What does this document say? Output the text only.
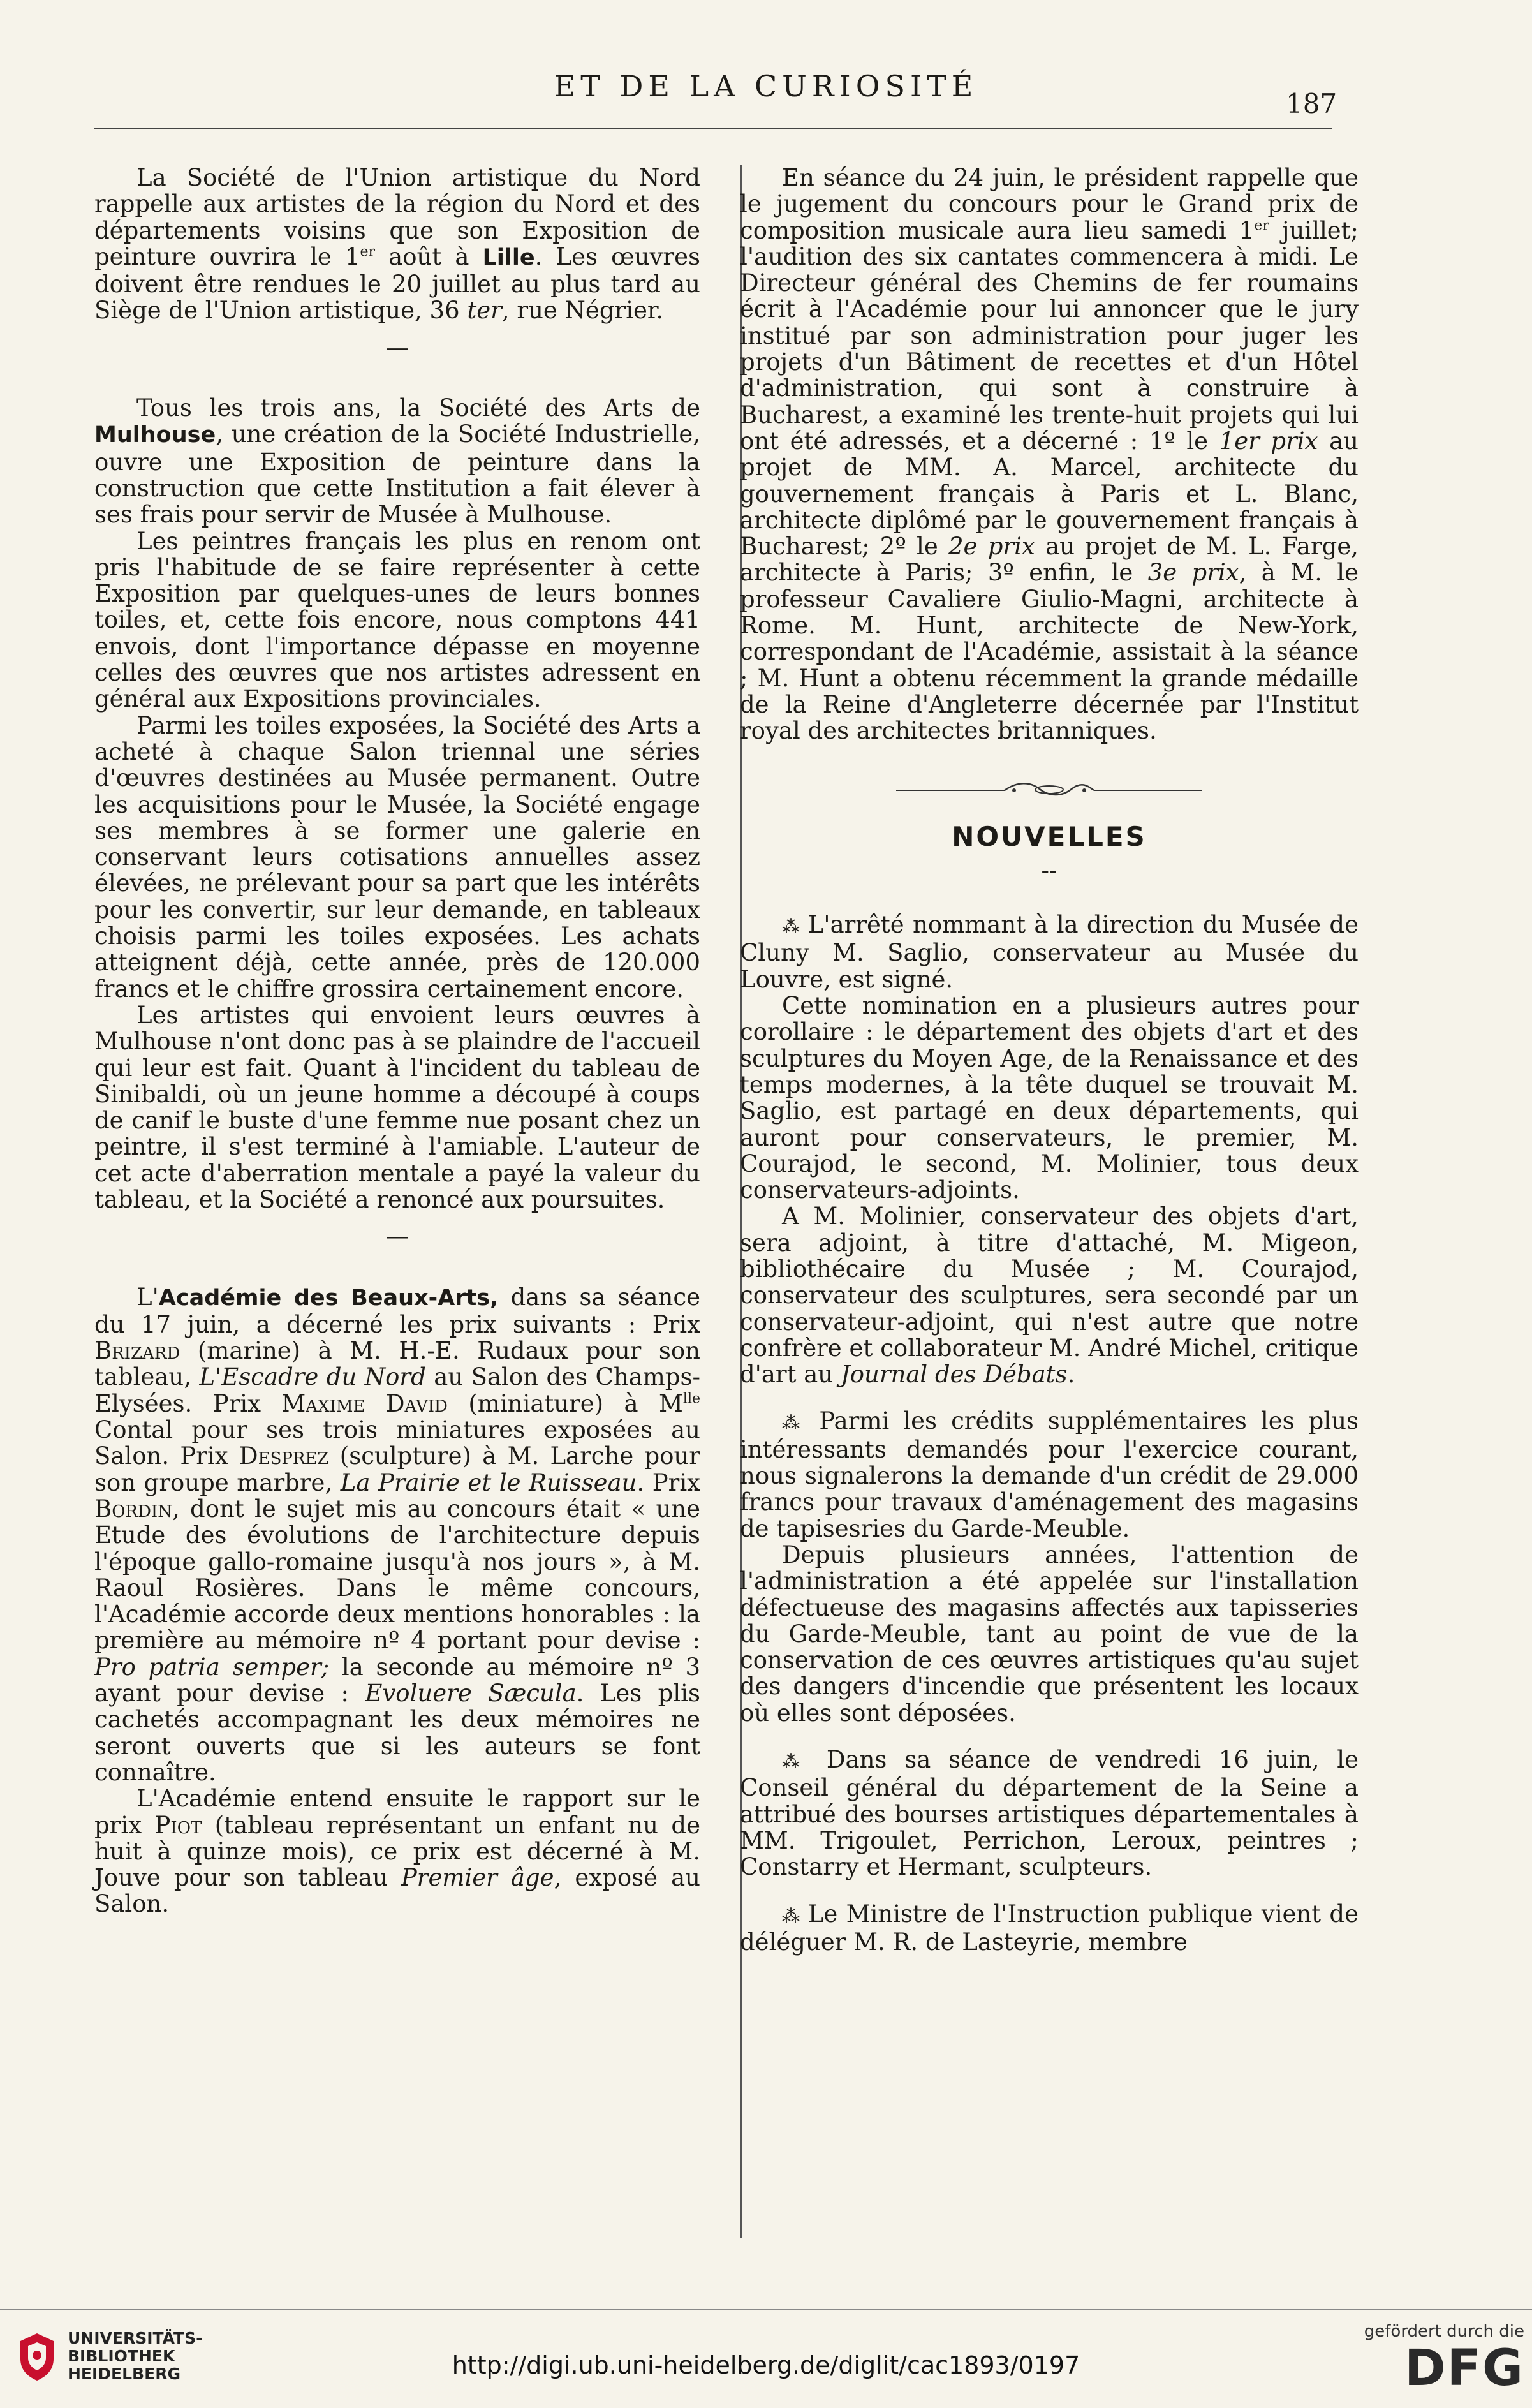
ET DE LA CURIOSITÉ
187

La Société de l'Union artistique du Nord rappelle aux artistes de la région du Nord et des départements voisins que son Exposition de peinture ouvrira le 1er août à Lille. Les œuvres doivent être rendues le 20 juillet au plus tard au Siège de l'Union artistique, 36 ter, rue Négrier.

—

Tous les trois ans, la Société des Arts de Mulhouse, une création de la Société Industrielle, ouvre une Exposition de peinture dans la construction que cette Institution a fait élever à ses frais pour servir de Musée à Mulhouse.

Les peintres français les plus en renom ont pris l'habitude de se faire représenter à cette Exposition par quelques-unes de leurs bonnes toiles, et, cette fois encore, nous comptons 441 envois, dont l'importance dépasse en moyenne celles des œuvres que nos artistes adressent en général aux Expositions provinciales.

Parmi les toiles exposées, la Société des Arts a acheté à chaque Salon triennal une séries d'œuvres destinées au Musée permanent. Outre les acquisitions pour le Musée, la Société engage ses membres à se former une galerie en conservant leurs cotisations annuelles assez élevées, ne prélevant pour sa part que les intérêts pour les convertir, sur leur demande, en tableaux choisis parmi les toiles exposées. Les achats atteignent déjà, cette année, près de 120.000 francs et le chiffre grossira certainement encore.

Les artistes qui envoient leurs œuvres à Mulhouse n'ont donc pas à se plaindre de l'accueil qui leur est fait. Quant à l'incident du tableau de Sinibaldi, où un jeune homme a découpé à coups de canif le buste d'une femme nue posant chez un peintre, il s'est terminé à l'amiable. L'auteur de cet acte d'aberration mentale a payé la valeur du tableau, et la Société a renoncé aux poursuites.

—

L'Académie des Beaux-Arts, dans sa séance du 17 juin, a décerné les prix suivants : Prix Brizard (marine) à M. H.-E. Rudaux pour son tableau, L'Escadre du Nord au Salon des Champs-Elysées. Prix Maxime David (miniature) à $M^{lle}$ Contal pour ses trois miniatures exposées au Salon. Prix Desprez (sculpture) à M. Larche pour son groupe marbre, La Prairie et le Ruisseau. Prix Bordin, dont le sujet mis au concours était « une Etude des évolutions de l'architecture depuis l'époque gallo-romaine jusqu'à nos jours », à M. Raoul Rosières. Dans le même concours, l'Académie accorde deux mentions honorables : la première au mémoire nº 4 portant pour devise : Pro patria semper; la seconde au mémoire nº 3 ayant pour devise : Evoluere Sæcula. Les plis cachetés accompagnant les deux mémoires ne seront ouverts que si les auteurs se font connaître.

L'Académie entend ensuite le rapport sur le prix Piot (tableau représentant un enfant nu de huit à quinze mois), ce prix est décerné à M. Jouve pour son tableau Premier âge, exposé au Salon.

En séance du 24 juin, le président rappelle que le jugement du concours pour le Grand prix de composition musicale aura lieu samedi 1er juillet; l'audition des six cantates commencera à midi. Le Directeur général des Chemins de fer roumains écrit à l'Académie pour lui annoncer que le jury institué par son administration pour juger les projets d'un Bâtiment de recettes et d'un Hôtel d'administration, qui sont à construire à Bucharest, a examiné les trente-huit projets qui lui ont été adressés, et a décerné : 1º le 1er prix au projet de MM. A. Marcel, architecte du gouvernement français à Paris et L. Blanc, architecte diplômé par le gouvernement français à Bucharest; 2º le 2e prix au projet de M. L. Farge, architecte à Paris; 3º enfin, le 3e prix, à M. le professeur Cavaliere Giulio-Magni, architecte à Rome. M. Hunt, architecte de New-York, correspondant de l'Académie, assistait à la séance ; M. Hunt a obtenu récemment la grande médaille de la Reine d'Angleterre décernée par l'Institut royal des architectes britanniques.

NOUVELLES
--

⁂ L'arrêté nommant à la direction du Musée de Cluny M. Saglio, conservateur au Musée du Louvre, est signé.

Cette nomination en a plusieurs autres pour corollaire : le département des objets d'art et des sculptures du Moyen Age, de la Renaissance et des temps modernes, à la tête duquel se trouvait M. Saglio, est partagé en deux départements, qui auront pour conservateurs, le premier, M. Courajod, le second, M. Molinier, tous deux conservateurs-adjoints.

A M. Molinier, conservateur des objets d'art, sera adjoint, à titre d'attaché, M. Migeon, bibliothécaire du Musée ; M. Courajod, conservateur des sculptures, sera secondé par un conservateur-adjoint, qui n'est autre que notre confrère et collaborateur M. André Michel, critique d'art au Journal des Débats.

⁂ Parmi les crédits supplémentaires les plus intéressants demandés pour l'exercice courant, nous signalerons la demande d'un crédit de 29.000 francs pour travaux d'aménagement des magasins de tapisesries du Garde-Meuble.

Depuis plusieurs années, l'attention de l'administration a été appelée sur l'installation défectueuse des magasins affectés aux tapisseries du Garde-Meuble, tant au point de vue de la conservation de ces œuvres artistiques qu'au sujet des dangers d'incendie que présentent les locaux où elles sont déposées.

⁂ Dans sa séance de vendredi 16 juin, le Conseil général du département de la Seine a attribué des bourses artistiques départementales à MM. Trigoulet, Perrichon, Leroux, peintres ; Constarry et Hermant, sculpteurs.

⁂ Le Ministre de l'Instruction publique vient de déléguer M. R. de Lasteyrie, membre

UNIVERSITÄTS-
BIBLIOTHEK
HEIDELBERG	http://digi.ub.uni-heidelberg.de/diglit/cac1893/0197
gefördert durch die
DFG
